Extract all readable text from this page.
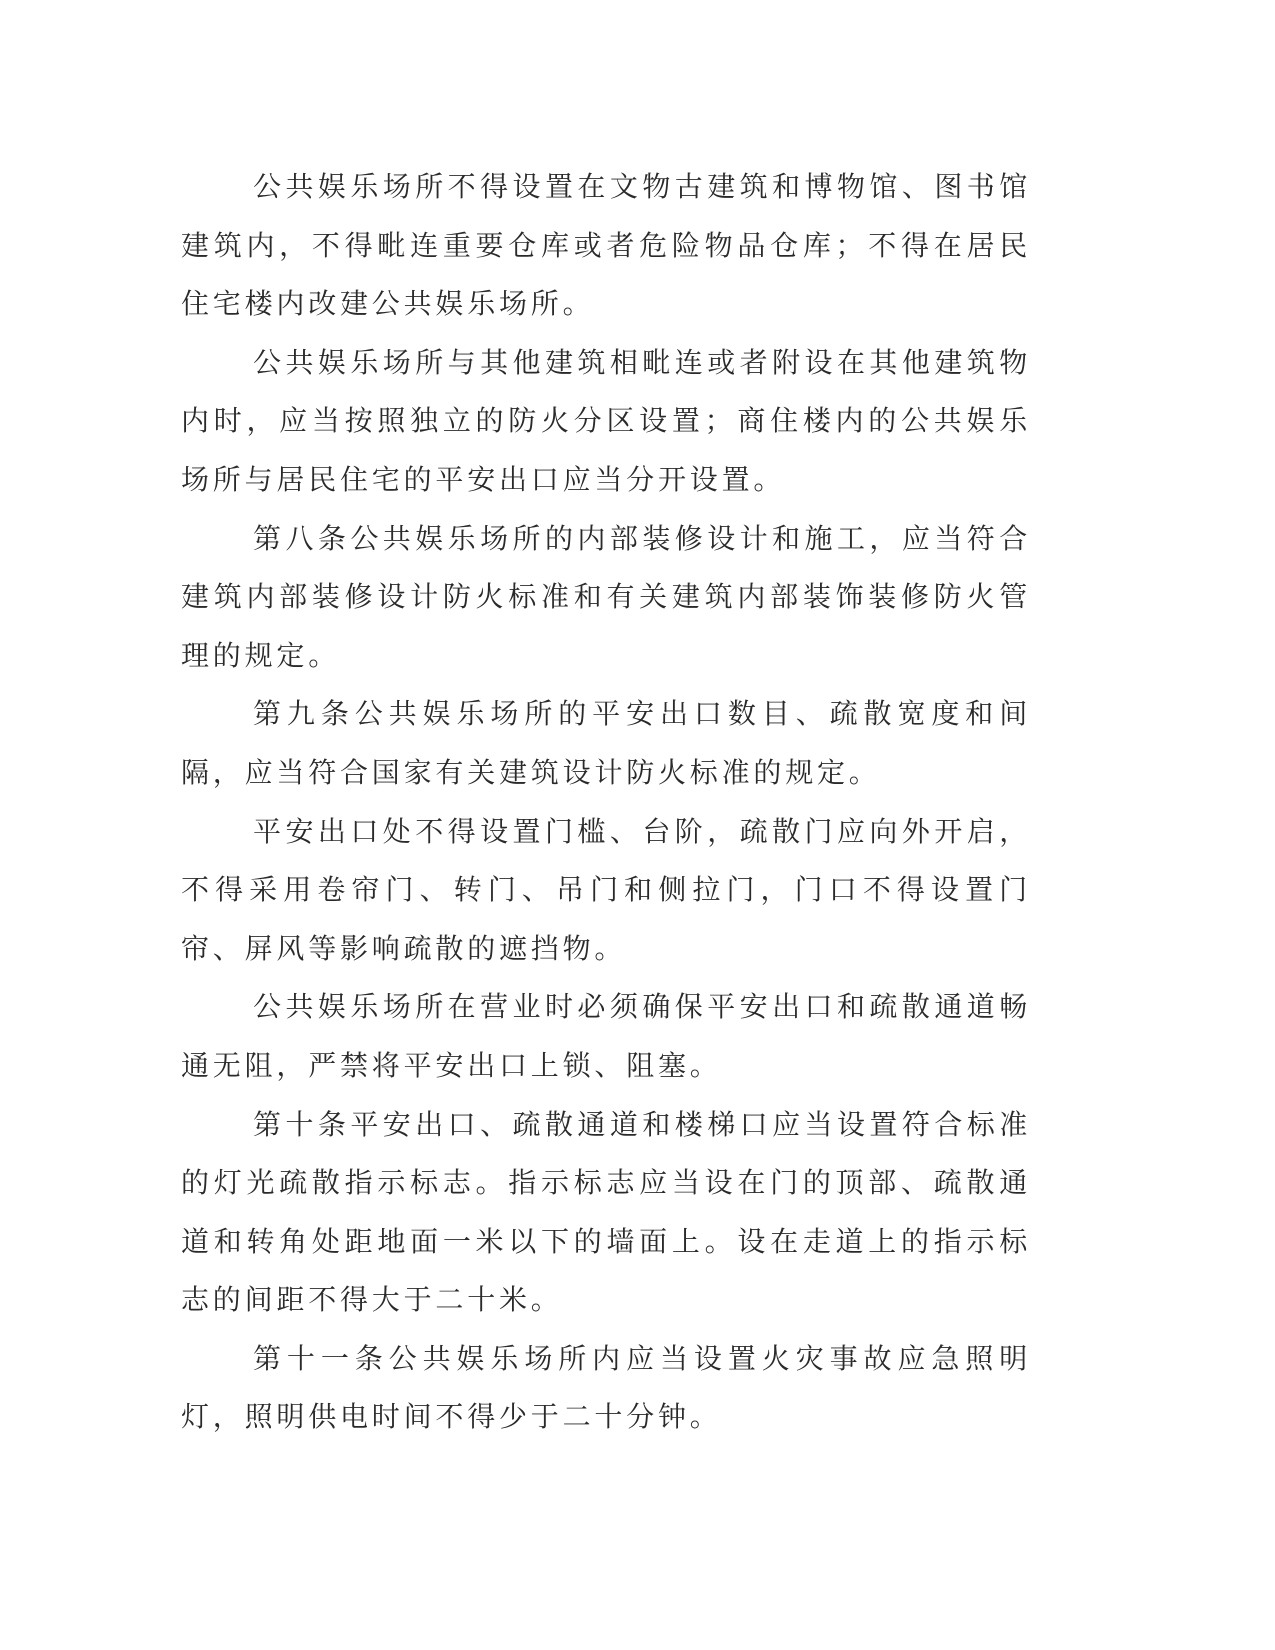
公共娱乐场所不得设置在文物古建筑和博物馆、图书馆建筑内，不得毗连重要仓库或者危险物品仓库；不得在居民住宅楼内改建公共娱乐场所。

公共娱乐场所与其他建筑相毗连或者附设在其他建筑物内时，应当按照独立的防火分区设置；商住楼内的公共娱乐场所与居民住宅的平安出口应当分开设置。

第八条公共娱乐场所的内部装修设计和施工，应当符合建筑内部装修设计防火标准和有关建筑内部装饰装修防火管理的规定。

第九条公共娱乐场所的平安出口数目、疏散宽度和间隔，应当符合国家有关建筑设计防火标准的规定。

平安出口处不得设置门槛、台阶，疏散门应向外开启，不得采用卷帘门、转门、吊门和侧拉门，门口不得设置门帘、屏风等影响疏散的遮挡物。

公共娱乐场所在营业时必须确保平安出口和疏散通道畅通无阻，严禁将平安出口上锁、阻塞。

第十条平安出口、疏散通道和楼梯口应当设置符合标准的灯光疏散指示标志。指示标志应当设在门的顶部、疏散通道和转角处距地面一米以下的墙面上。设在走道上的指示标志的间距不得大于二十米。

第十一条公共娱乐场所内应当设置火灾事故应急照明灯，照明供电时间不得少于二十分钟。
